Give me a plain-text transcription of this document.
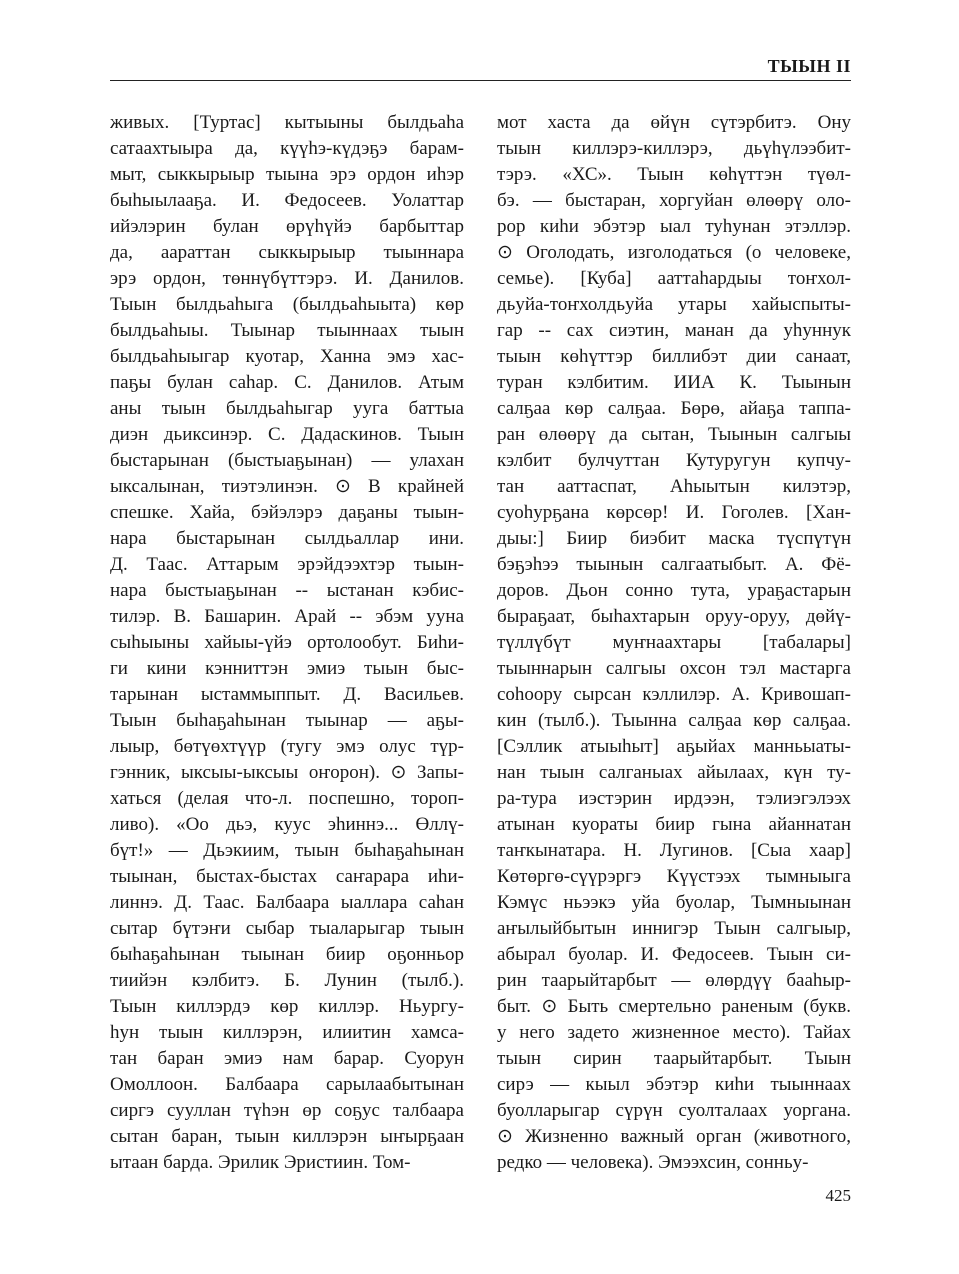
ТЫЫН II
живых. [Туртас] кытыыны былдьаһа
сатаахтыыра да, күүһэ-күдэҕэ барам-
мыт, сыккырыыр тыына эрэ ордон иһэр
быһыылааҕа. И. Федосеев. Уолаттар
ийэлэрин булан өрүһүйэ барбыттар
да, аараттан сыккырыыр тыыннара
эрэ ордон, төннүбүттэрэ. И. Данилов.
Тыын былдьаһыга (былдьаһыыта) көр
былдьаһыы. Тыынар тыыннаах тыын
былдьаһыыгар куотар, Ханна эмэ хас-
паҕы булан саһар. С. Данилов. Атым
аны тыын былдьаһыгар ууга баттыа
диэн дьиксинэр. С. Дадаскинов. Тыын
быстарынан (быстыаҕынан) — улахан
ыксалынан, тиэтэлинэн. ⊙ В крайней
спешке. Хайа, бэйэлэрэ даҕаны тыын-
нара быстарынан сылдьаллар ини.
Д. Таас. Аттарым эрэйдээхтэр тыын-
нара быстыаҕынан -- ыстанан кэбис-
тилэр. В. Башарин. Арай -- эбэм ууна
сыһыыны хайыы-үйэ ортолообут. Биһи-
ги кини кэнниттэн эмиэ тыын быс-
тарынан ыстаммыппыт. Д. Васильев.
Тыын быһаҕаһынан тыынар — аҕы-
лыыр, бөтүөхтүүр (тугу эмэ олус түр-
гэнник, ыксыы-ыксыы оҥорон). ⊙ Запы-
хаться (делая что-л. поспешно, тороп-
ливо). «Оо дьэ, кууc эһиннэ... Өллү-
бүт!» — Дьэкиим, тыын быһаҕаһынан
тыынан, быстах-быстах саҥарара иһи-
линнэ. Д. Таас. Балбаара ыаллара саһан
сытар бүтэҥи сыбар тыаларыгар тыын
быһаҕаһынан тыынан биир оҕонньор
тиийэн кэлбитэ. Б. Лунин (тылб.).
Тыын киллэрдэ көр киллэр. Ньургу-
һун тыын киллэрэн, илиитин хамса-
тан баран эмиэ нам барар. Суорун
Омоллоон. Балбаара сарылаабытынан
сиргэ сууллан түһэн өр соҕус талбаара
сытан баран, тыын киллэрэн ыҥырҕаан
ытаан барда. Эрилик Эристиин. Том-
мот хаста да өйүн сүтэрбитэ. Ону
тыын киллэрэ-киллэрэ, дьүһүлээбит-
тэрэ. «ХС». Тыын көһүттэн түөл-
бэ. — быстаран, хоргуйан өлөөрү оло-
рор киһи эбэтэр ыал туһунан этэллэр.
⊙ Оголодать, изголодаться (о человеке,
семье). [Куба] ааттаһардыы тоҥхол-
дьуйа-тоҥхолдьуйа утары хайыспыты-
гар -- сах сиэтин, манан да уһуннук
тыын көһүттэр биллибэт дии санаат,
туран кэлбитим. ИИА К. Тыынын
салҕаа көр салҕаа. Бөрө, айаҕа таппа-
ран өлөөрү да сытан, Тыынын салгыы
кэлбит булчуттан Кутуругун купчу-
тан ааттаспат, Аһыытын килэтэр,
суоһурҕана көрсөр! И. Гоголев. [Хан-
дыы:] Биир биэбит маска түспүтүн
бэҕэһээ тыынын салгаатыбыт. А. Фё-
доров. Дьон сонно тута, ураҕастарын
быраҕаат, быһахтарын оруу-оруу, дөйү-
түллүбүт муҥнаахтары [табалары]
тыыннарын салгыы охсон тэл мастарга
соһоору сырсан кэллилэр. А. Кривошап-
кин (тылб.). Тыынна салҕаа көр салҕаа.
[Сэллик атыыһыт] аҕыйах манньыаты-
нан тыын салганыах айылаах, күн ту-
ра-тура иэстэрин ирдээн, тэлиэгэлээх
атынан куораты биир гына айаннатан
таҥкынатара. Н. Лугинов. [Сыа хаар]
Көтөргө-сүүрэргэ Күүстээх тымныыга
Кэмүс ньээкэ уйа буолар, Тымныынан
аҥылыйбытын иннигэр Тыын салгыыр,
абырал буолар. И. Федосеев. Тыын си-
рин таарыйтарбыт — өлөрдүү бааһыр-
быт. ⊙ Быть смертельно раненым (букв.
у него задето жизненное место). Тайах
тыын сирин таарыйтарбыт. Тыын
сирэ — кыыл эбэтэр киһи тыыннаах
буолларыгар сүрүн суолталаах уоргана.
⊙ Жизненно важный орган (животного,
редко — человека). Эмээхсин, сонньу-
425
